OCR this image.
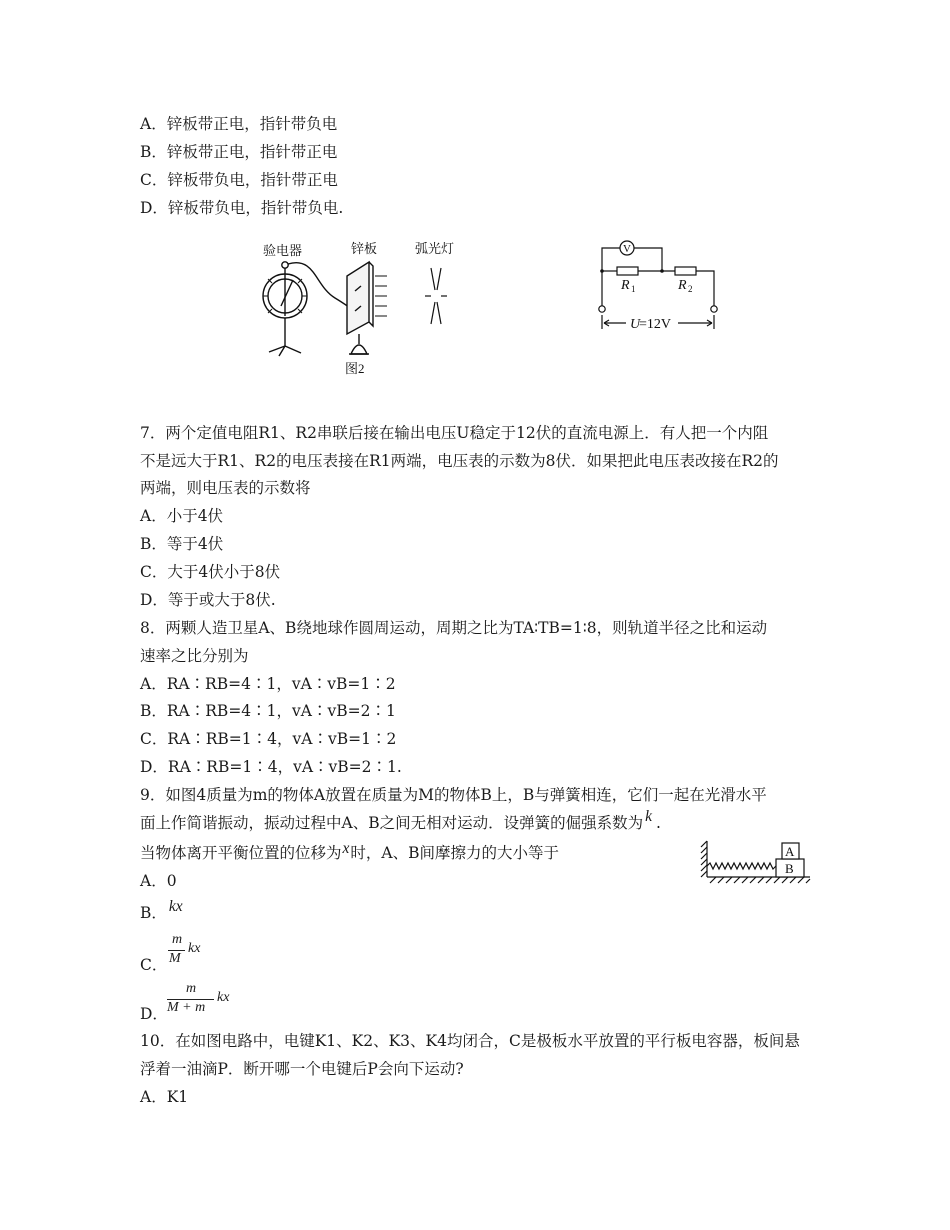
A．锌板带正电，指针带负电
B．锌板带正电，指针带正电
C．锌板带负电，指针带正电
D．锌板带负电，指针带负电.
验电器	锌板	弧光灯
图2
V
R 1	R 2
U
=12V
7．两个定值电阻R1、R2串联后接在输出电压U稳定于12伏的直流电源上．有人把一个内阻
不是远大于R1、R2的电压表接在R1两端，电压表的示数为8伏．如果把此电压表改接在R2的
两端，则电压表的示数将
A．小于4伏
B．等于4伏
C．大于4伏小于8伏
D．等于或大于8伏.
8．两颗人造卫星A、B绕地球作圆周运动，周期之比为TA∶TB=1∶8，则轨道半径之比和运动
速率之比分别为
A．RA∶RB=4∶1，vA∶vB=1∶2
B．RA∶RB=4∶1，vA∶vB=2∶1
C．RA∶RB=1∶4，vA∶vB=1∶2
D．RA∶RB=1∶4，vA∶vB=2∶1.
9．如图4质量为m的物体A放置在质量为M的物体B上，B与弹簧相连，它们一起在光滑水平
面上作简谐振动，振动过程中A、B之间无相对运动．设弹簧的倔强系数为 k .
当物体离开平衡位置的位移为x时，A、B间摩擦力的大小等于	A
B
A．0
B． kx
C．
m
M
kx
D．
m
M + m
kx
10．在如图电路中，电键K1、K2、K3、K4均闭合，C是极板水平放置的平行板电容器，板间悬
浮着一油滴P．断开哪一个电键后P会向下运动?
A．K1
